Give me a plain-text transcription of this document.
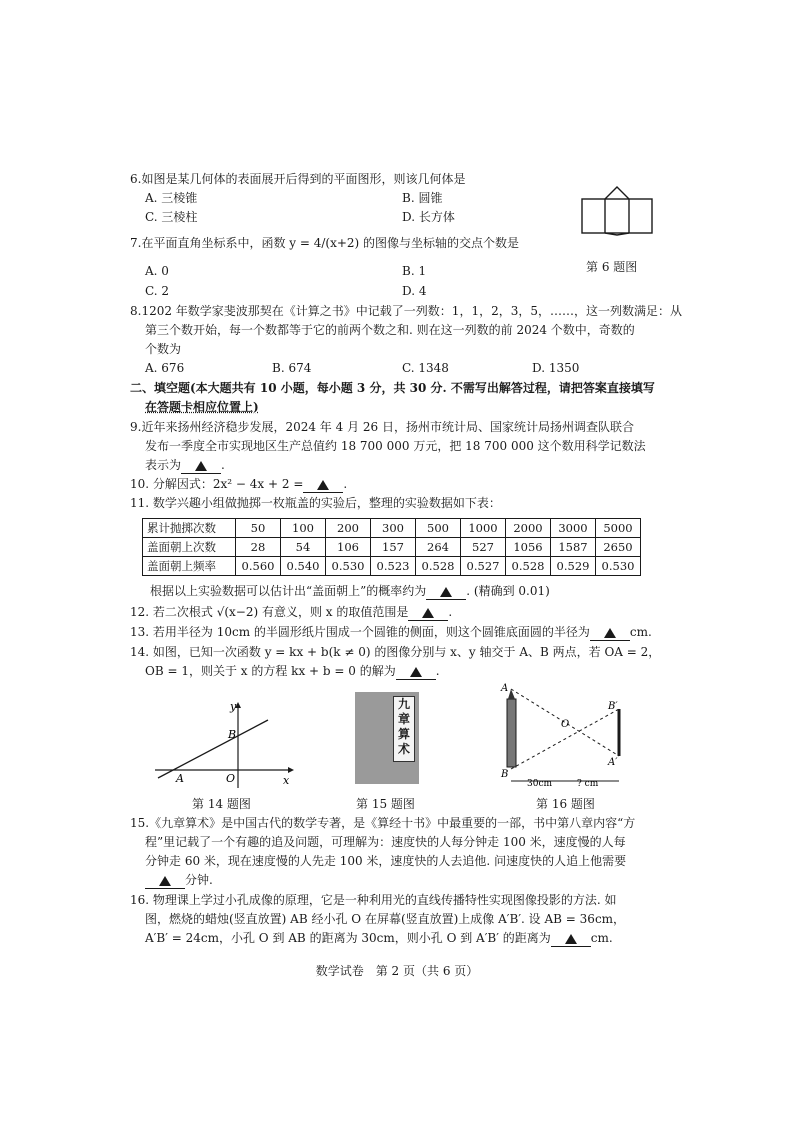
6.如图是某几何体的表面展开后得到的平面图形，则该几何体是
A. 三棱锥	B. 圆锥
C. 三棱柱	D. 长方体
第 6 题图
7.在平面直角坐标系中，函数 y = 4/(x+2) 的图像与坐标轴的交点个数是
A. 0	B. 1
C. 2	D. 4
8.1202 年数学家斐波那契在《计算之书》中记载了一列数：1，1，2，3，5，……，这一列数满足：从
第三个数开始，每一个数都等于它的前两个数之和. 则在这一列数的前 2024 个数中，奇数的
个数为
A. 676	B. 674	C. 1348	D. 1350
二、填空题(本大题共有 10 小题，每小题 3 分，共 30 分. 不需写出解答过程，请把答案直接填写
在答题卡相应位置上)
9.近年来扬州经济稳步发展，2024 年 4 月 26 日，扬州市统计局、国家统计局扬州调查队联合
发布一季度全市实现地区生产总值约 18 700 000 万元，把 18 700 000 这个数用科学记数法
表示为	.
10. 分解因式：2x² − 4x + 2 =	.
11. 数学兴趣小组做抛掷一枚瓶盖的实验后，整理的实验数据如下表：
累计抛掷次数	50	100	200	300	500	1000	2000	3000	5000
盖面朝上次数	28	54	106	157	264	527	1056	1587	2650
盖面朝上频率	0.560	0.540	0.530	0.523	0.528	0.527	0.528	0.529	0.530
根据以上实验数据可以估计出“盖面朝上”的概率约为	. (精确到 0.01)
12. 若二次根式 √(x−2) 有意义，则 x 的取值范围是	.
13. 若用半径为 10cm 的半圆形纸片围成一个圆锥的侧面，则这个圆锥底面圆的半径为	cm.
14. 如图，已知一次函数 y = kx + b(k ≠ 0) 的图像分别与 x、y 轴交于 A、B 两点，若 OA = 2，
OB = 1，则关于 x 的方程 kx + b = 0 的解为	.
y
x
A
B
O
第 14 题图
九章算术
第 15 题图
A
B
O
B′
A′
30cm	? cm
第 16 题图
15.《九章算术》是中国古代的数学专著，是《算经十书》中最重要的一部，书中第八章内容“方
程”里记载了一个有趣的追及问题，可理解为：速度快的人每分钟走 100 米，速度慢的人每
分钟走 60 米，现在速度慢的人先走 100 米，速度快的人去追他. 问速度快的人追上他需要
分钟.
16. 物理课上学过小孔成像的原理，它是一种利用光的直线传播特性实现图像投影的方法. 如
图，燃烧的蜡烛(竖直放置) AB 经小孔 O 在屏幕(竖直放置)上成像 A′B′. 设 AB = 36cm，
A′B′ = 24cm，小孔 O 到 AB 的距离为 30cm，则小孔 O 到 A′B′ 的距离为	cm.
数学试卷　第 2 页（共 6 页）
